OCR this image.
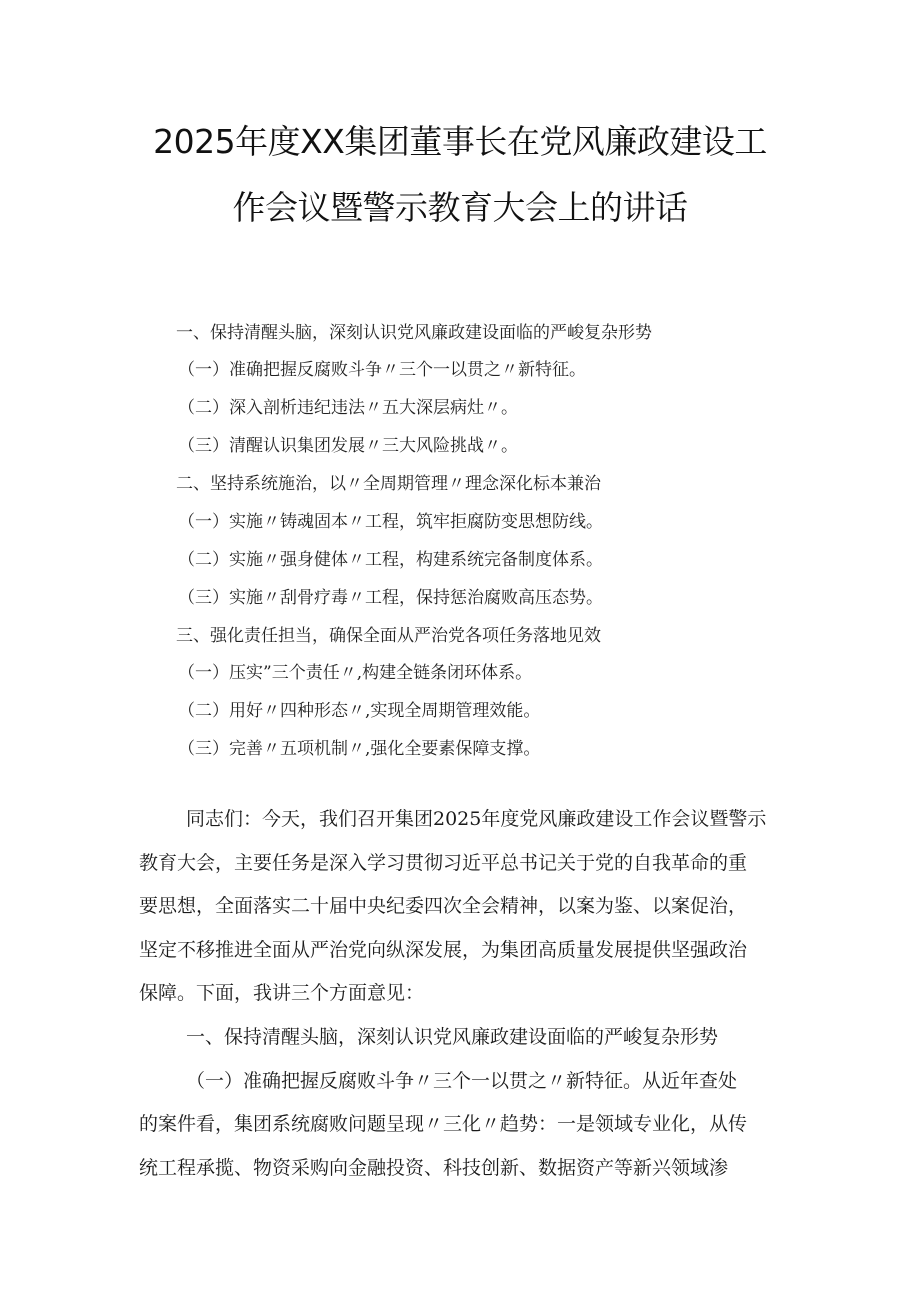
2025年度XX集团董事长在党风廉政建设工
作会议暨警示教育大会上的讲话
一、保持清醒头脑，深刻认识党风廉政建设面临的严峻复杂形势
（一）准确把握反腐败斗争〃三个一以贯之〃新特征。
（二）深入剖析违纪违法〃五大深层病灶〃。
（三）清醒认识集团发展〃三大风险挑战〃。
二、坚持系统施治，以〃全周期管理〃理念深化标本兼治
（一）实施〃铸魂固本〃工程，筑牢拒腐防变思想防线。
（二）实施〃强身健体〃工程，构建系统完备制度体系。
（三）实施〃刮骨疗毒〃工程，保持惩治腐败高压态势。
三、强化责任担当，确保全面从严治党各项任务落地见效
（一）压实”三个责任〃,构建全链条闭环体系。
（二）用好〃四种形态〃,实现全周期管理效能。
（三）完善〃五项机制〃,强化全要素保障支撑。
同志们：今天，我们召开集团2025年度党风廉政建设工作会议暨警示
教育大会，主要任务是深入学习贯彻习近平总书记关于党的自我革命的重
要思想，全面落实二十届中央纪委四次全会精神，以案为鉴、以案促治，
坚定不移推进全面从严治党向纵深发展，为集团高质量发展提供坚强政治
保障。下面，我讲三个方面意见：
一、保持清醒头脑，深刻认识党风廉政建设面临的严峻复杂形势
（一）准确把握反腐败斗争〃三个一以贯之〃新特征。从近年查处
的案件看，集团系统腐败问题呈现〃三化〃趋势：一是领域专业化，从传
统工程承揽、物资采购向金融投资、科技创新、数据资产等新兴领域渗
